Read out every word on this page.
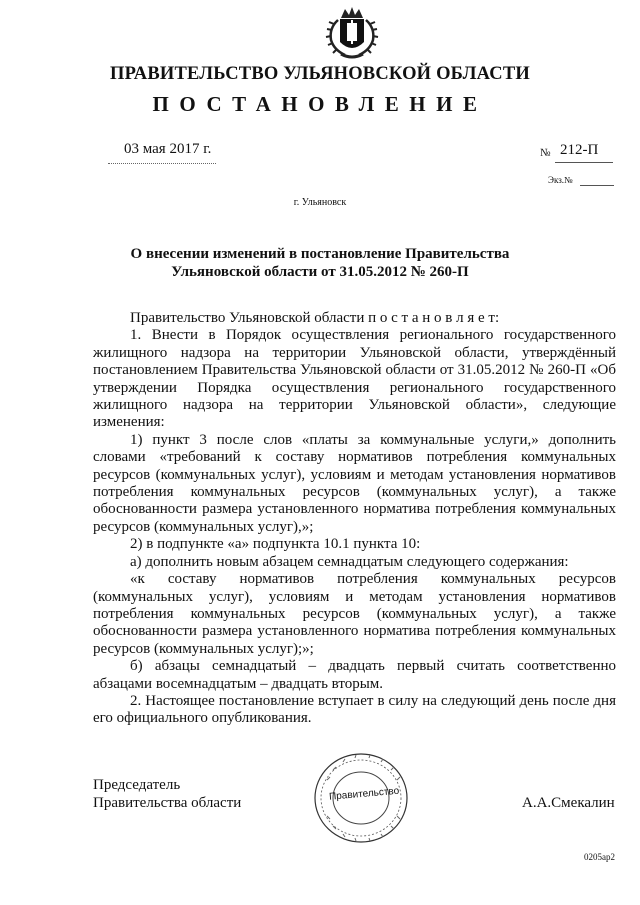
ПРАВИТЕЛЬСТВО УЛЬЯНОВСКОЙ ОБЛАСТИ
ПОСТАНОВЛЕНИЕ
03 мая 2017 г.	№ 212-П
Экз.№
г. Ульяновск
О внесении изменений в постановление Правительства
Ульяновской области от 31.05.2012 № 260-П

Правительство Ульяновской области п о с т а н о в л я е т:

1. Внести в Порядок осуществления регионального государственного жилищного надзора на территории Ульяновской области, утверждённый постановлением Правительства Ульяновской области от 31.05.2012 № 260-П «Об утверждении Порядка осуществления регионального государственного жилищного надзора на территории Ульяновской области», следующие изменения:

1) пункт 3 после слов «платы за коммунальные услуги,» дополнить словами «требований к составу нормативов потребления коммунальных ресурсов (коммунальных услуг), условиям и методам установления нормативов потребления коммунальных ресурсов (коммунальных услуг), а также обоснованности размера установленного норматива потребления коммунальных ресурсов (коммунальных услуг),»;

2) в подпункте «а» подпункта 10.1 пункта 10:

а) дополнить новым абзацем семнадцатым следующего содержания:

«к составу нормативов потребления коммунальных ресурсов (коммунальных услуг), условиям и методам установления нормативов потребления коммунальных ресурсов (коммунальных услуг), а также обоснованности размера установленного норматива потребления коммунальных ресурсов (коммунальных услуг);»;

б) абзацы семнадцатый – двадцать первый считать соответственно абзацами восемнадцатым – двадцать вторым.

2. Настоящее постановление вступает в силу на следующий день после дня его официального опубликования.

Председатель
Правительства области	Правительство
А.А.Смекалин
0205ар2
